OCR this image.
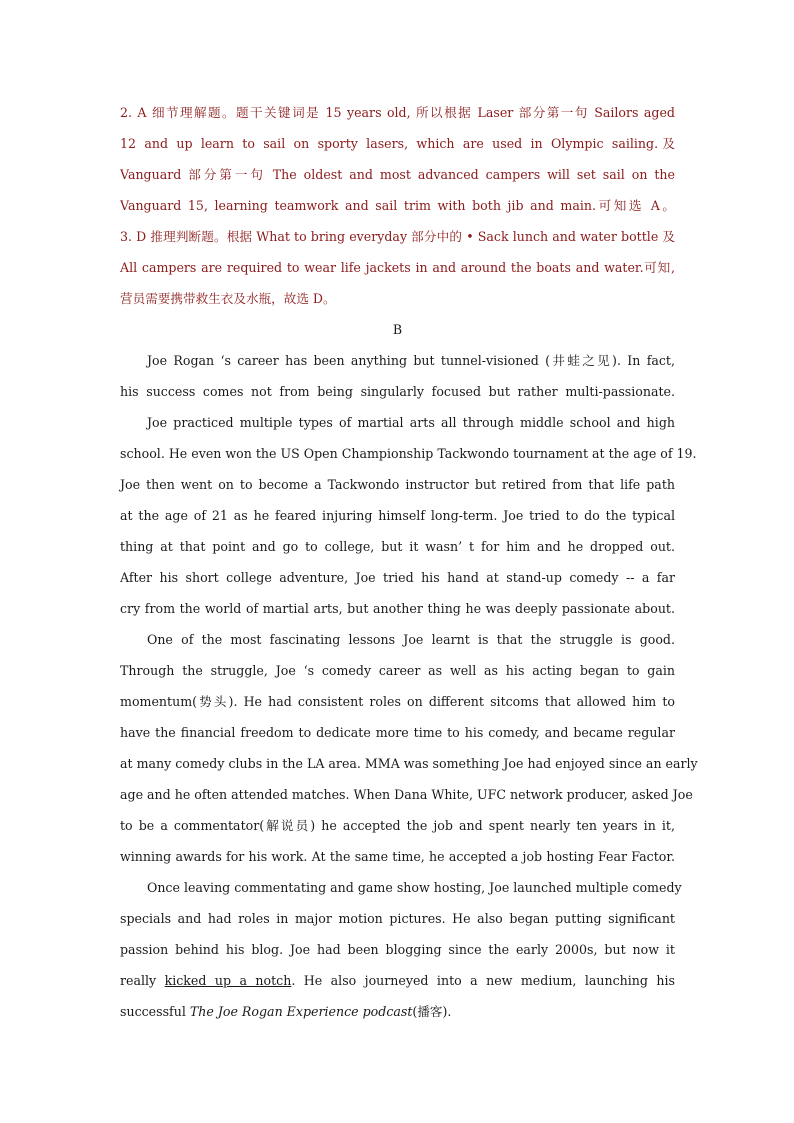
2. A 细节理解题。题干关键词是 15 years old, 所以根据 Laser 部分第一句 Sailors aged
12 and up learn to sail on sporty lasers, which are used in Olympic sailing.及
Vanguard 部分第一句 The oldest and most advanced campers will set sail on the
Vanguard 15, learning teamwork and sail trim with both jib and main.可知选 A。
3. D 推理判断题。根据 What to bring everyday 部分中的 • Sack lunch and water bottle 及
All campers are required to wear life jackets in and around the boats and water.可知,
营员需要携带救生衣及水瓶，故选 D。
B
Joe Rogan ‘s career has been anything but tunnel-visioned (井蛙之见). In fact,
his success comes not from being singularly focused but rather multi-passionate.
Joe practiced multiple types of martial arts all through middle school and high
school. He even won the US Open Championship Tackwondo tournament at the age of 19.
Joe then went on to become a Tackwondo instructor but retired from that life path
at the age of 21 as he feared injuring himself long-term. Joe tried to do the typical
thing at that point and go to college, but it wasn’ t for him and he dropped out.
After his short college adventure, Joe tried his hand at stand-up comedy -- a far
cry from the world of martial arts, but another thing he was deeply passionate about.
One of the most fascinating lessons Joe learnt is that the struggle is good.
Through the struggle, Joe ‘s comedy career as well as his acting began to gain
momentum(势头). He had consistent roles on different sitcoms that allowed him to
have the financial freedom to dedicate more time to his comedy, and became regular
at many comedy clubs in the LA area. MMA was something Joe had enjoyed since an early
age and he often attended matches. When Dana White, UFC network producer, asked Joe
to be a commentator(解说员) he accepted the job and spent nearly ten years in it,
winning awards for his work. At the same time, he accepted a job hosting Fear Factor.
Once leaving commentating and game show hosting, Joe launched multiple comedy
specials and had roles in major motion pictures. He also began putting significant
passion behind his blog. Joe had been blogging since the early 2000s, but now it
really kicked up a notch. He also journeyed into a new medium, launching his
successful The Joe Rogan Experience podcast(播客).
